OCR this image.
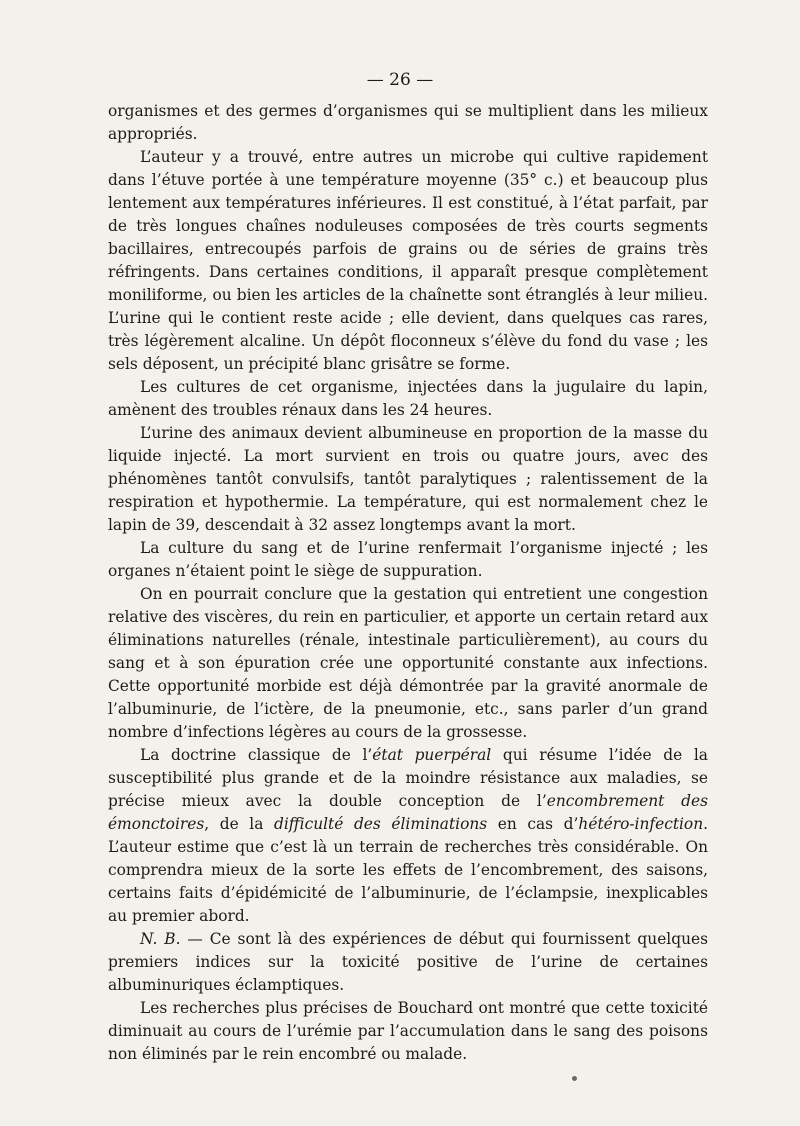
— 26 —

organismes et des germes d’organismes qui se multiplient dans les milieux appropriés.

L’auteur y a trouvé, entre autres un microbe qui cultive rapidement dans l’étuve portée à une température moyenne (35° c.) et beaucoup plus lentement aux températures inférieures. Il est constitué, à l’état parfait, par de très longues chaînes noduleuses composées de très courts segments bacillaires, entrecoupés parfois de grains ou de séries de grains très réfringents. Dans certaines conditions, il apparaît presque complètement moniliforme, ou bien les articles de la chaînette sont étranglés à leur milieu. L’urine qui le contient reste acide ; elle devient, dans quelques cas rares, très légèrement alcaline. Un dépôt floconneux s’élève du fond du vase ; les sels déposent, un précipité blanc grisâtre se forme.

Les cultures de cet organisme, injectées dans la jugulaire du lapin, amènent des troubles rénaux dans les 24 heures.

L’urine des animaux devient albumineuse en proportion de la masse du liquide injecté. La mort survient en trois ou quatre jours, avec des phénomènes tantôt convulsifs, tantôt paralytiques ; ralentissement de la respiration et hypothermie. La température, qui est normalement chez le lapin de 39, descendait à 32 assez longtemps avant la mort.

La culture du sang et de l’urine renfermait l’organisme injecté ; les organes n’étaient point le siège de suppuration.

On en pourrait conclure que la gestation qui entretient une congestion relative des viscères, du rein en particulier, et apporte un certain retard aux éliminations naturelles (rénale, intestinale particulièrement), au cours du sang et à son épuration crée une opportunité constante aux infections. Cette opportunité morbide est déjà démontrée par la gravité anormale de l’albuminurie, de l’ictère, de la pneumonie, etc., sans parler d’un grand nombre d’infections légères au cours de la grossesse.

La doctrine classique de l’état puerpéral qui résume l’idée de la susceptibilité plus grande et de la moindre résistance aux maladies, se précise mieux avec la double conception de l’encombrement des émonctoires, de la difficulté des éliminations en cas d’hétéro-infection. L’auteur estime que c’est là un terrain de recherches très considérable. On comprendra mieux de la sorte les effets de l’encombrement, des saisons, certains faits d’épidémicité de l’albuminurie, de l’éclampsie, inexplicables au premier abord.

N. B. — Ce sont là des expériences de début qui fournissent quelques premiers indices sur la toxicité positive de l’urine de certaines albuminuriques éclamptiques.

Les recherches plus précises de Bouchard ont montré que cette toxicité diminuait au cours de l’urémie par l’accumulation dans le sang des poisons non éliminés par le rein encombré ou malade.
